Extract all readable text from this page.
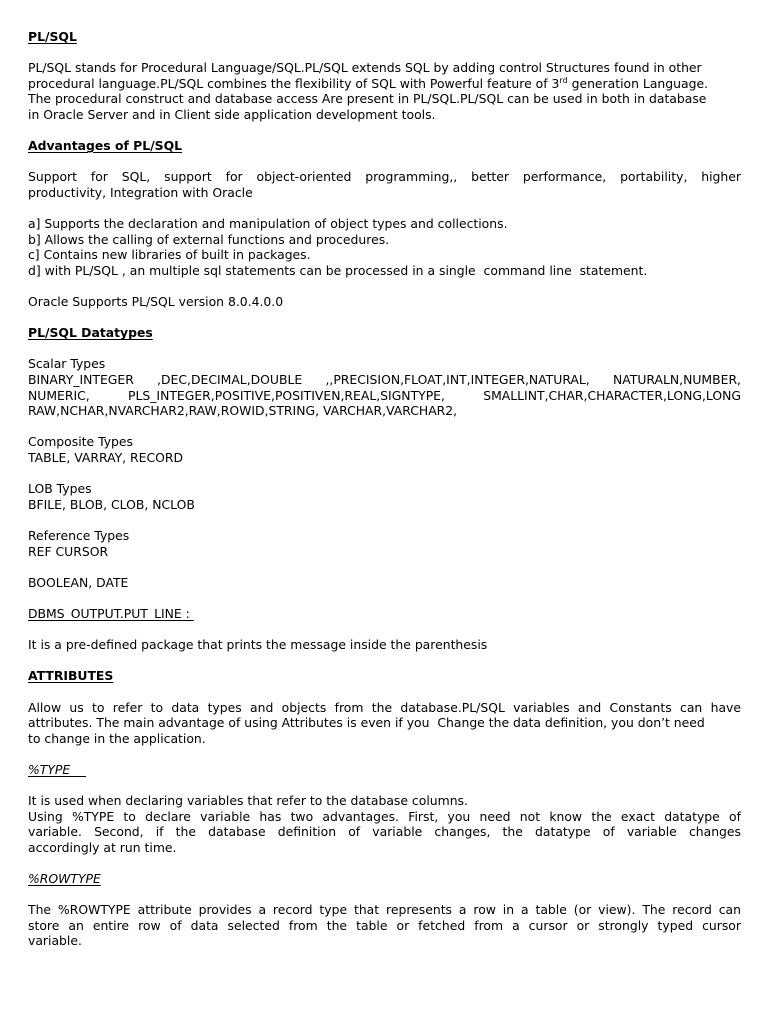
PL/SQL
PL/SQL stands for Procedural Language/SQL.PL/SQL extends SQL by adding control Structures found in other
procedural language.PL/SQL combines the flexibility of SQL with Powerful feature of 3rd generation Language.
The procedural construct and database access Are present in PL/SQL.PL/SQL can be used in both in database
in Oracle Server and in Client side application development tools.
Advantages of PL/SQL
Support for SQL, support for object-oriented programming,, better performance, portability, higher
productivity, Integration with Oracle
a] Supports the declaration and manipulation of object types and collections.
b] Allows the calling of external functions and procedures.
c] Contains new libraries of built in packages.
d] with PL/SQL , an multiple sql statements can be processed in a single  command line  statement.
Oracle Supports PL/SQL version 8.0.4.0.0
PL/SQL Datatypes
Scalar Types
BINARY_INTEGER ,DEC,DECIMAL,DOUBLE ,,PRECISION,FLOAT,INT,INTEGER,NATURAL, NATURALN,NUMBER,
NUMERIC, PLS_INTEGER,POSITIVE,POSITIVEN,REAL,SIGNTYPE, SMALLINT,CHAR,CHARACTER,LONG,LONG
RAW,NCHAR,NVARCHAR2,RAW,ROWID,STRING, VARCHAR,VARCHAR2,
Composite Types
TABLE, VARRAY, RECORD
LOB Types
BFILE, BLOB, CLOB, NCLOB
Reference Types
REF CURSOR
BOOLEAN, DATE
DBMS_OUTPUT.PUT_LINE :
It is a pre-defined package that prints the message inside the parenthesis
ATTRIBUTES
Allow us to refer to data types and objects from the database.PL/SQL variables and Constants can have
attributes. The main advantage of using Attributes is even if you  Change the data definition, you don’t need
to change in the application.
%TYPE
It is used when declaring variables that refer to the database columns.
Using %TYPE to declare variable has two advantages. First, you need not know the exact datatype of
variable. Second, if the database definition of variable changes, the datatype of variable changes
accordingly at run time.
%ROWTYPE
The %ROWTYPE attribute provides a record type that represents a row in a table (or view). The record can
store an entire row of data selected from the table or fetched from a cursor or strongly typed cursor
variable.
